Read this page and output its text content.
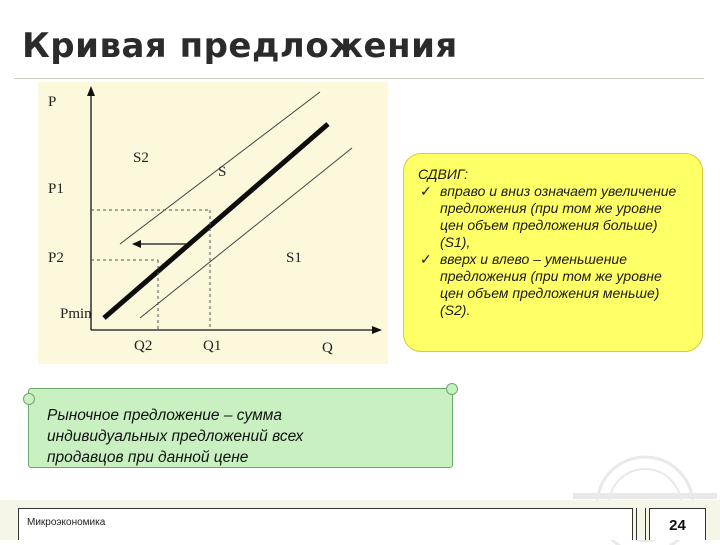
Кривая предложения
P
P1
P2
Pmin
Q2	Q1	Q
S2
S
S1
СДВИГ:
✓ вправо и вниз означает увеличение предложения (при том же уровне цен объем предложения больше) (S1),
✓ вверх и влево – уменьшение предложения (при том же уровне цен объем предложения меньше) (S2).
Рыночное предложение – сумма индивидуальных предложений всех продавцов при данной цене
Микроэкономика	24
